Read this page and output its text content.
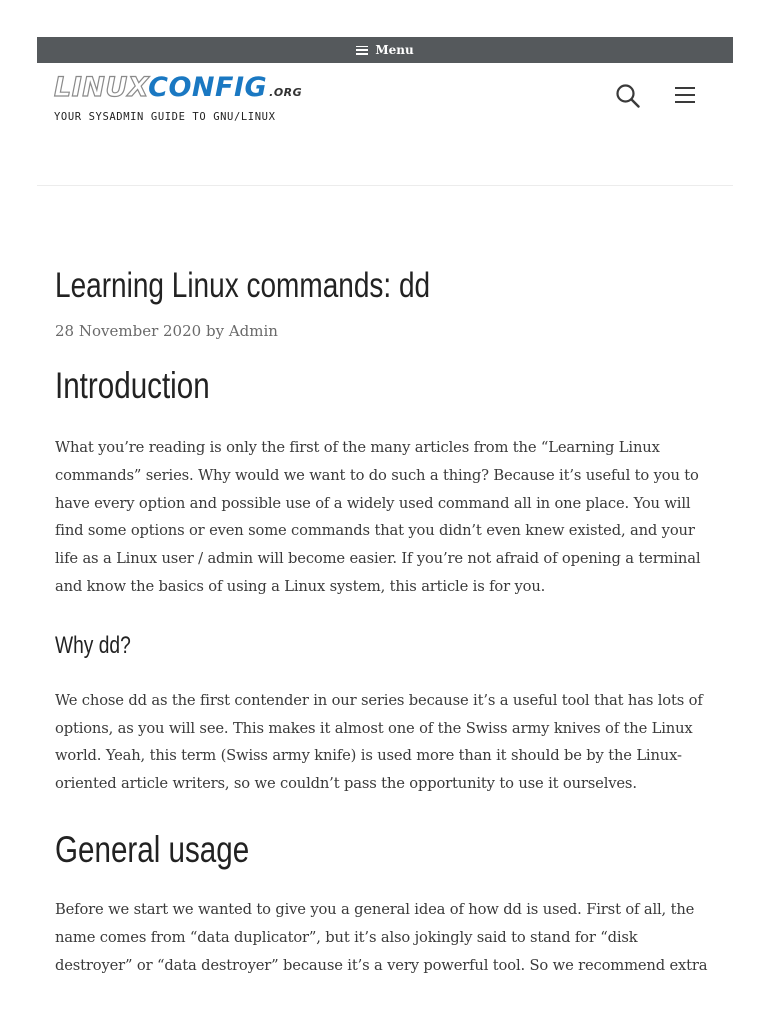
Menu
LINUXCONFIG .ORG
YOUR SYSADMIN GUIDE TO GNU/LINUX
Learning Linux commands: dd
28 November 2020 by Admin
Introduction

What you’re reading is only the first of the many articles from the “Learning Linux commands” series. Why would we want to do such a thing? Because it’s useful to you to have every option and possible use of a widely used command all in one place. You will find some options or even some commands that you didn’t even knew existed, and your life as a Linux user / admin will become easier. If you’re not afraid of opening a terminal and know the basics of using a Linux system, this article is for you.

Why dd?

We chose dd as the first contender in our series because it’s a useful tool that has lots of options, as you will see. This makes it almost one of the Swiss army knives of the Linux world. Yeah, this term (Swiss army knife) is used more than it should be by the Linux-oriented article writers, so we couldn’t pass the opportunity to use it ourselves.

General usage

Before we start we wanted to give you a general idea of how dd is used. First of all, the name comes from “data duplicator”, but it’s also jokingly said to stand for “disk destroyer” or “data destroyer” because it’s a very powerful tool. So we recommend extra
